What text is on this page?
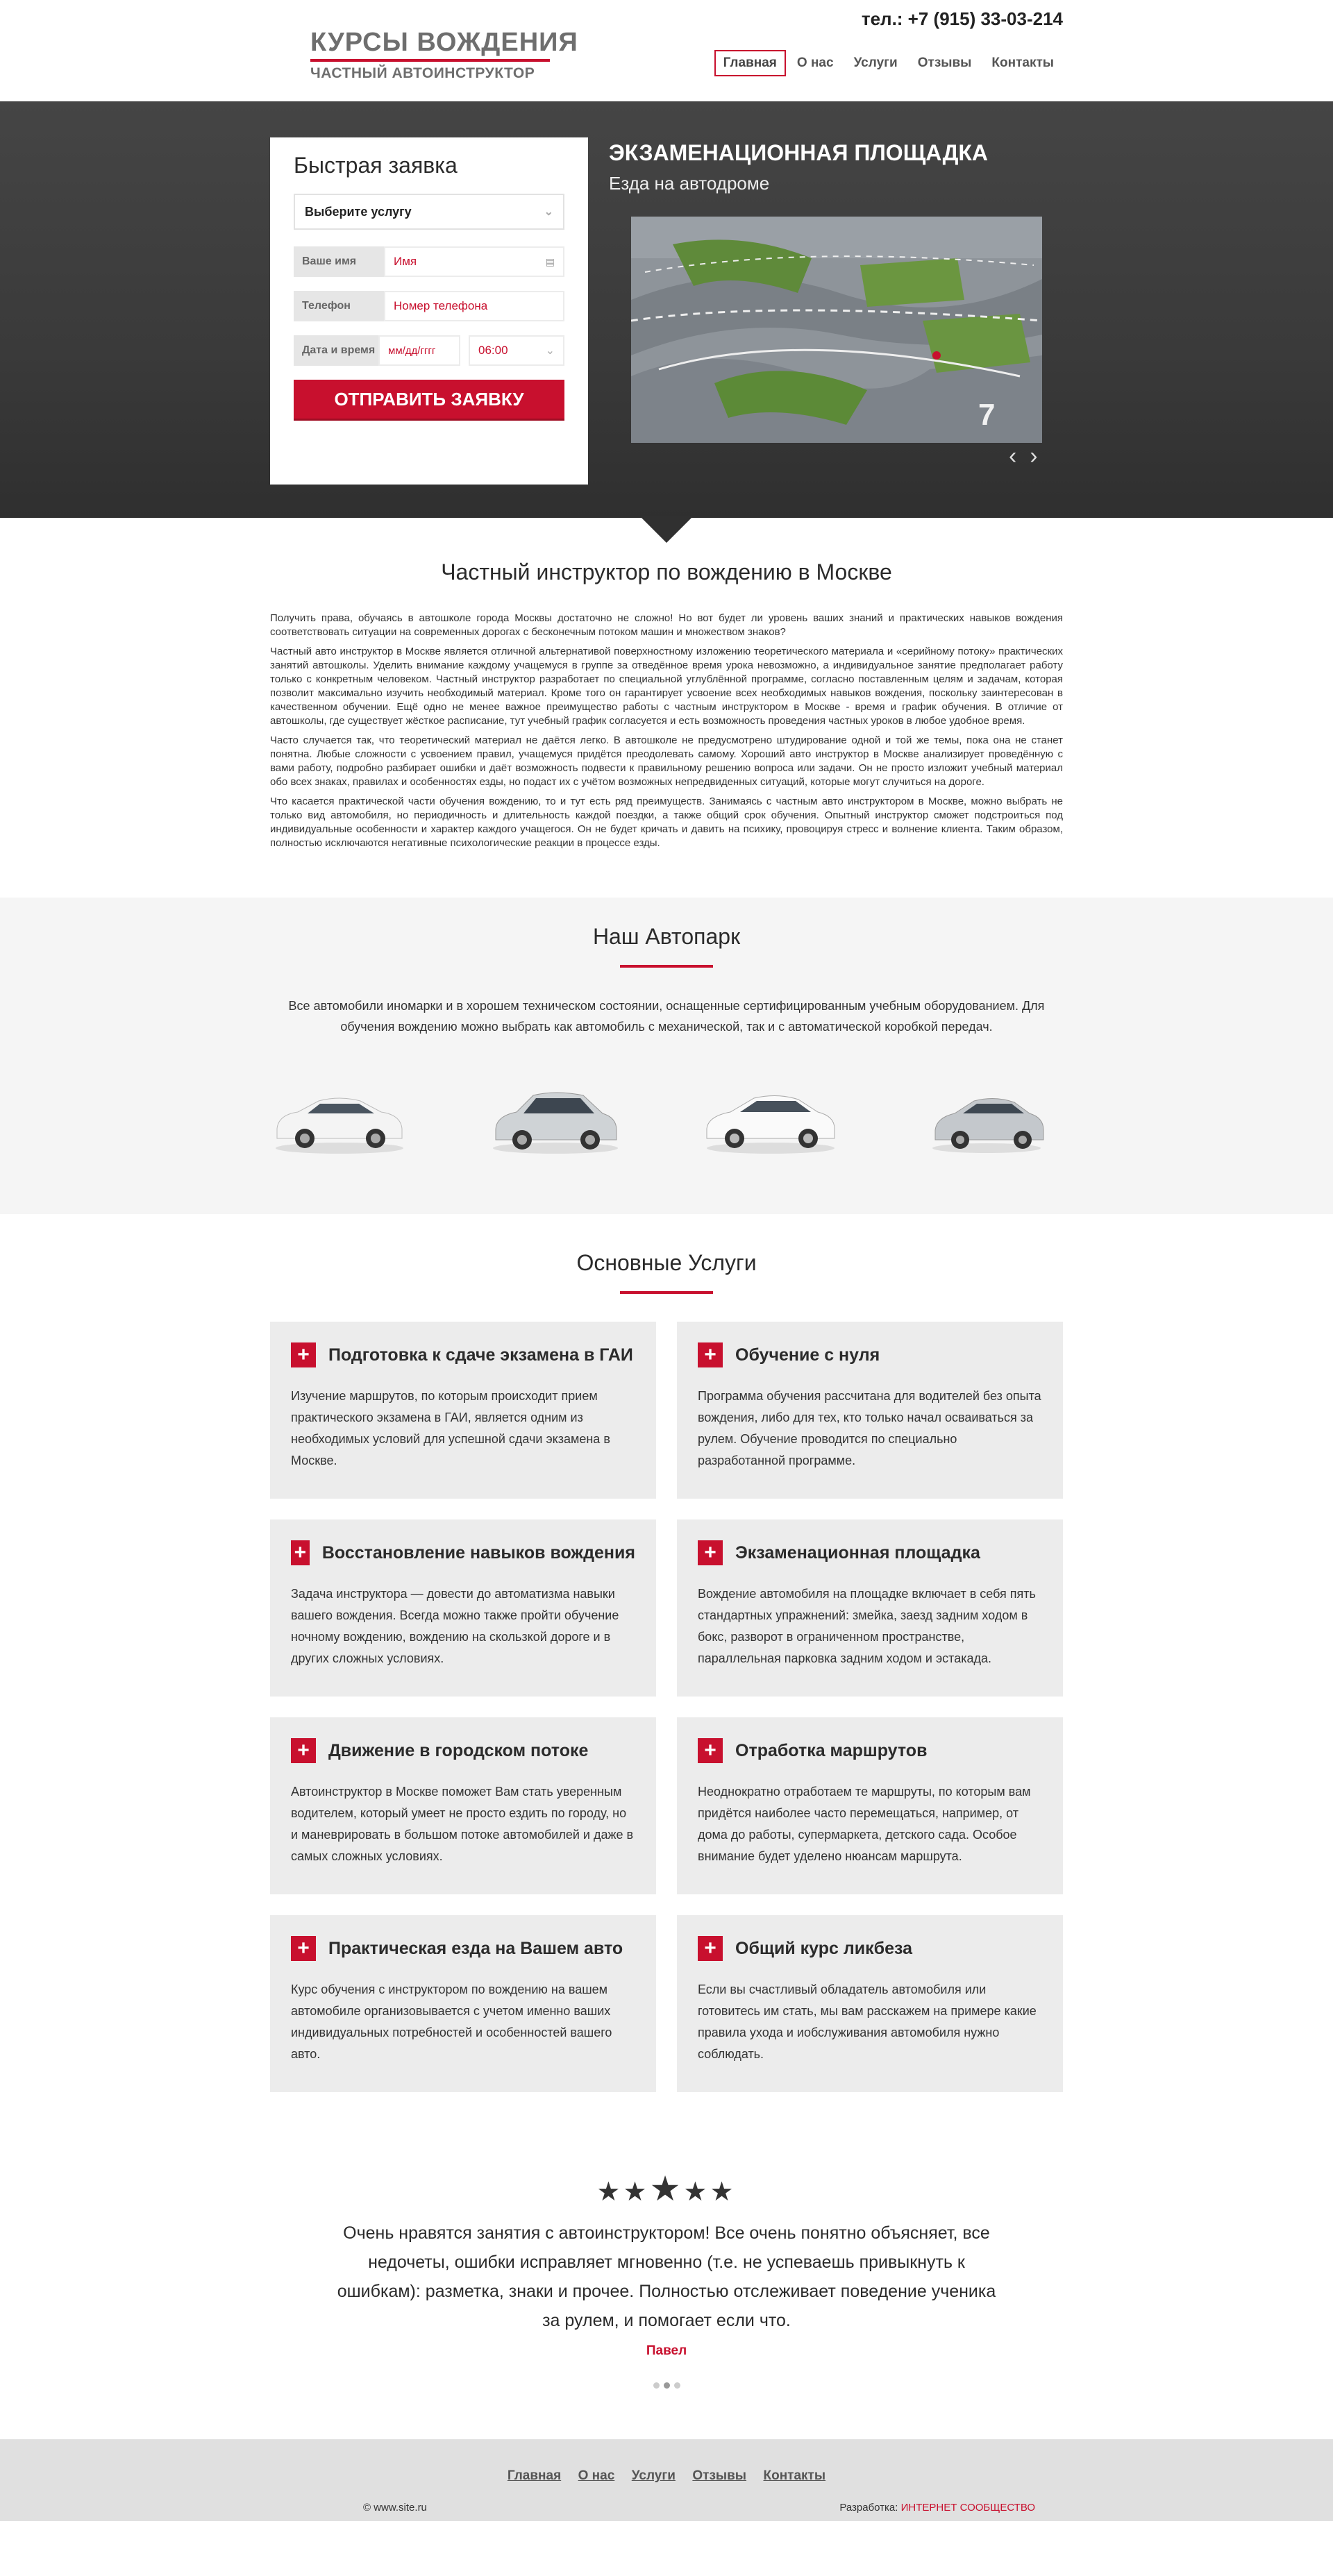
КУРСЫ ВОЖДЕНИЯ
ЧАСТНЫЙ АВТОИНСТРУКТОР
тел.: +7 (915) 33-03-214
Главная	О нас	Услуги	Отзывы	Контакты
Быстрая заявка
Выберите услугу	⌄
Ваше имя	Имя	▤
Телефон	Номер телефона
Дата и время	мм/дд/гггг	06:00	⌄
ОТПРАВИТЬ ЗАЯВКУ
ЭКЗАМЕНАЦИОННАЯ ПЛОЩАДКА
Езда на автодроме
7
‹ ›
Частный инструктор по вождению в Москве

Получить права, обучаясь в автошколе города Москвы достаточно не сложно! Но вот будет ли уровень ваших знаний и практических навыков вождения соответствовать ситуации на современных дорогах с бесконечным потоком машин и множеством знаков?

Частный авто инструктор в Москве является отличной альтернативой поверхностному изложению теоретического материала и «серийному потоку» практических занятий автошколы. Уделить внимание каждому учащемуся в группе за отведённое время урока невозможно, а индивидуальное занятие предполагает работу только с конкретным человеком. Частный инструктор разработает по специальной углублённой программе, согласно поставленным целям и задачам, которая позволит максимально изучить необходимый материал. Кроме того он гарантирует усвоение всех необходимых навыков вождения, поскольку заинтересован в качественном обучении. Ещё одно не менее важное преимущество работы с частным инструктором в Москве - время и график обучения. В отличие от автошколы, где существует жёсткое расписание, тут учебный график согласуется и есть возможность проведения частных уроков в любое удобное время.

Часто случается так, что теоретический материал не даётся легко. В автошколе не предусмотрено штудирование одной и той же темы, пока она не станет понятна. Любые сложности с усвоением правил, учащемуся придётся преодолевать самому. Хороший авто инструктор в Москве анализирует проведённую с вами работу, подробно разбирает ошибки и даёт возможность подвести к правильному решению вопроса или задачи. Он не просто изложит учебный материал обо всех знаках, правилах и особенностях езды, но подаст их с учётом возможных непредвиденных ситуаций, которые могут случиться на дороге.

Что касается практической части обучения вождению, то и тут есть ряд преимуществ. Занимаясь с частным авто инструктором в Москве, можно выбрать не только вид автомобиля, но периодичность и длительность каждой поездки, а также общий срок обучения. Опытный инструктор сможет подстроиться под индивидуальные особенности и характер каждого учащегося. Он не будет кричать и давить на психику, провоцируя стресс и волнение клиента. Таким образом, полностью исключаются негативные психологические реакции в процессе езды.

Наш Автопарк
Все автомобили иномарки и в хорошем техническом состоянии, оснащенные сертифицированным учебным оборудованием. Для обучения вождению можно выбрать как автомобиль с механической, так и с автоматической коробкой передач.
Основные Услуги
+	Подготовка к сдаче экзамена в ГАИ
Изучение маршрутов, по которым происходит прием практического экзамена в ГАИ, является одним из необходимых условий для успешной сдачи экзамена в Москве.
+	Обучение с нуля
Программа обучения рассчитана для водителей без опыта вождения, либо для тех, кто только начал осваиваться за рулем. Обучение проводится по специально разработанной программе.
+ Восстановление навыков вождения
Задача инструктора — довести до автоматизма навыки вашего вождения. Всегда можно также пройти обучение ночному вождению, вождению на скользкой дороге и в других сложных условиях.
+	Экзаменационная площадка
Вождение автомобиля на площадке включает в себя пять стандартных упражнений: змейка, заезд задним ходом в бокс, разворот в ограниченном пространстве, параллельная парковка задним ходом и эстакада.
+	Движение в городском потоке
Автоинструктор в Москве поможет Вам стать уверенным водителем, который умеет не просто ездить по городу, но и маневрировать в большом потоке автомобилей и даже в самых сложных условиях.
+	Отработка маршрутов
Неоднократно отработаем те маршруты, по которым вам придётся наиболее часто перемещаться, например, от дома до работы, супермаркета, детского сада. Особое внимание будет уделено нюансам маршрута.
+	Практическая езда на Вашем авто
Курс обучения с инструктором по вождению на вашем автомобиле организовывается с учетом именно ваших индивидуальных потребностей и особенностей вашего авто.
+	Общий курс ликбеза
Если вы счастливый обладатель автомобиля или готовитесь им стать, мы вам расскажем на примере какие правила ухода и иобслуживания автомобиля нужно соблюдать.
★★★★★
Очень нравятся занятия с автоинструктором! Все очень понятно объясняет, все недочеты, ошибки исправляет мгновенно (т.е. не успеваешь привыкнуть к ошибкам): разметка, знаки и прочее. Полностью отслеживает поведение ученика за рулем, и помогает если что.
Павел
Главная О нас Услуги Отзывы Контакты
© www.site.ru	Разработка: ИНТЕРНЕТ СООБЩЕСТВО
